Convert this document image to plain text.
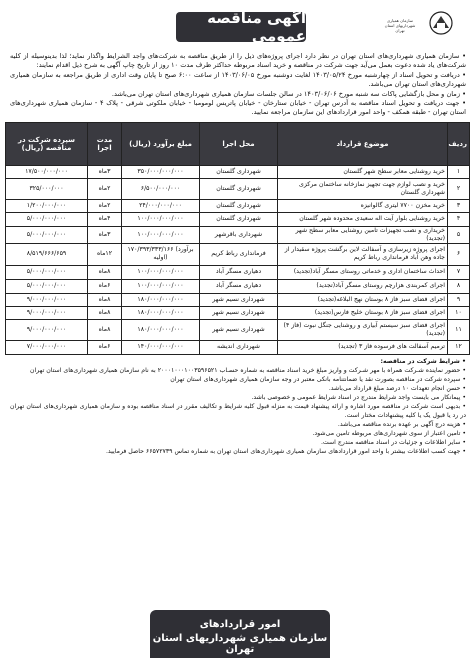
سازمان همیاری شهرداریهای استان تهران
آگهی مناقصه عمومی

• سازمان همیاری شهرداری‌های استان تهران در نظر دارد اجرای پروژه‌های ذیل را از طریق مناقصه به شرکت‌های واجد الشرایط واگذار نماید؛ لذا بدینوسیله از کلیه شرکت‌های یاد شده دعوت بعمل می‌آید جهت شرکت در مناقصه و خرید اسناد مربوطه حداکثر ظرف مدت ۱۰ روز از تاریخ چاپ آگهی به شرح ذیل اقدام نمایند:

• دریافت و تحویل اسناد از چهارشنبه مورخ ۱۴۰۳/۰۵/۲۴ لغایت دوشنبه مورخ ۱۴۰۳/۰۶/۰۵ از ساعت ۶:۰۰ صبح تا پایان وقت اداری از طریق مراجعه به سازمان همیاری شهرداری‌های استان تهران می‌باشد.

• زمان و محل بازگشایی پاکات سه شنبه مورخ ۱۴۰۳/۰۶/۰۶ در سالن جلسات سازمان همیاری شهرداری‌های استان تهران می‌باشد.

• جهت دریافت و تحویل اسناد مناقصه به آدرس تهران - خیابان ستارخان - خیابان پاتریس لومومبا - خیابان ملکوتی شرقی - پلاک ۴ - سازمان همیاری شهرداری‌های استان تهران - طبقه همکف - واحد امور قراردادهای این سازمان مراجعه نمایید.

ردیف	موضوع قرارداد	محل اجرا	مبلغ برآورد (ریال)	مدت اجرا	سپرده شرکت در مناقصه (ریال)
۱	خرید روشنایی معابر سطح شهر گلستان	شهرداری گلستان	۳۵۰/۰۰۰/۰۰۰/۰۰۰	۳ماه	۱۷/۵۰۰/۰۰۰/۰۰۰
۲	خرید و نصب لوازم جهت تجهیز نمازخانه ساختمان مرکزی شهرداری گلستان	شهرداری گلستان	۶/۵۰۰/۰۰۰/۰۰۰	۲ماه	۳۲۵/۰۰۰/۰۰۰
۳	خرید مخزن ۷۷۰۰ لیتری گالوانیزه	شهرداری گلستان	۲۴/۰۰۰/۰۰۰/۰۰۰	۲ماه	۱/۲۰۰/۰۰۰/۰۰۰
۴	خرید روشنایی بلوار آیت اله سعیدی محدوده شهر گلستان	شهرداری گلستان	۱۰۰/۰۰۰/۰۰۰/۰۰۰	۴ماه	۵/۰۰۰/۰۰۰/۰۰۰
۵	خریداری و نصب تجهیزات تامین روشنایی معابر سطح شهر (تجدید)	شهرداری باقرشهر	۱۰۰/۰۰۰/۰۰۰/۰۰۰	۳ماه	۵/۰۰۰/۰۰۰/۰۰۰
۶	اجرای پروژه زیرسازی و آسفالت لاین برگشت پروژه سقیدار از جاده وهن آباد فرمانداری رباط کریم	فرمانداری رباط کریم	۱۷۰/۳۹۳/۳۳۳/۱۶۶ (برآورد اولیه)	۱۲ماه	۸/۵۱۹/۶۶۶/۶۵۹
۷	احداث ساختمان اداری و خدماتی روستای مسگر آباد(تجدید)	دهیاری مسگر آباد	۱۰۰/۰۰۰/۰۰۰/۰۰۰	۸ماه	۵/۰۰۰/۰۰۰/۰۰۰
۸	اجرای کمربندی هزارچم روستای مسگر آباد(تجدید)	دهیاری مسگر آباد	۱۰۰/۰۰۰/۰۰۰/۰۰۰	۶ماه	۵/۰۰۰/۰۰۰/۰۰۰
۹	اجرای فضای سبز فاز ۸ بوستان نهج البلاغه(تجدید)	شهرداری نسیم شهر	۱۸۰/۰۰۰/۰۰۰/۰۰۰	۸ماه	۹/۰۰۰/۰۰۰/۰۰۰
۱۰	اجرای فضای سبز فاز ۸ بوستان خلیج فارس(تجدید)	شهرداری نسیم شهر	۱۸۰/۰۰۰/۰۰۰/۰۰۰	۸ماه	۹/۰۰۰/۰۰۰/۰۰۰
۱۱	اجرای فضای سبز سیستم آبیاری و روشنایی جنگل نبوت (فاز ۴) (تجدید)	شهرداری نسیم شهر	۱۸۰/۰۰۰/۰۰۰/۰۰۰	۸ماه	۹/۰۰۰/۰۰۰/۰۰۰
۱۲	ترمیم آسفالت های فرسوده فاز ۳ (تجدید)	شهرداری اندیشه	۱۴۰/۰۰۰/۰۰۰/۰۰۰	۶ماه	۷/۰۰۰/۰۰۰/۰۰۰

• شرایط شرکت در مناقصه:

• حضور نماینده شـرکت همراه با مهر شـرکت و واریز مبلغ خرید اسناد مناقصه به شماره حسـاب ۲۰۰۰۱۰۰۰۱۰۰۳۵۹۶۵۲۱ به نام سازمان همیاری شهرداری‌های استان تهران

• سپرده شرکت در مناقصه بصورت نقد یا ضمانتنامه بانکی معتبر در وجه سازمان همیاری شهرداری‌های استان تهران

• حسن انجام تعهدات ۱۰ درصد مبلغ قرارداد می‌باشد.

• پیمانکار می بایست واجد شرایط مندرج در اسناد شرایط عمومی و خصوصی باشد.

• بدیهی است شرکت در مناقصه مورد اشاره و ارائه پیشنهاد قیمت به منزله قبول کلیه شرایط و تکالیف مقرر در اسناد مناقصه بوده و سازمان همیاری شهرداری‌های استان تهران در رد یا قبول یک یا کلیه پیشنهادات مختار است.

• هزینه درج آگهی بر عهده برنده مناقصه می‌باشد.

• تامین اعتبار از سوی شهرداری‌های مربوطه تامین می‌شود.

• سایر اطلاعات و جزئیات در اسناد مناقصه مندرج است.

• جهت کسب اطلاعات بیشتر با واحد امور قراردادهای سازمان همیاری شهرداری‌های استان تهران به شماره تماس ۶۶۵۷۲۷۳۹ حاصل فرمایید.

امور قراردادهای
سازمان همیاری شهرداریهای استان تهران
